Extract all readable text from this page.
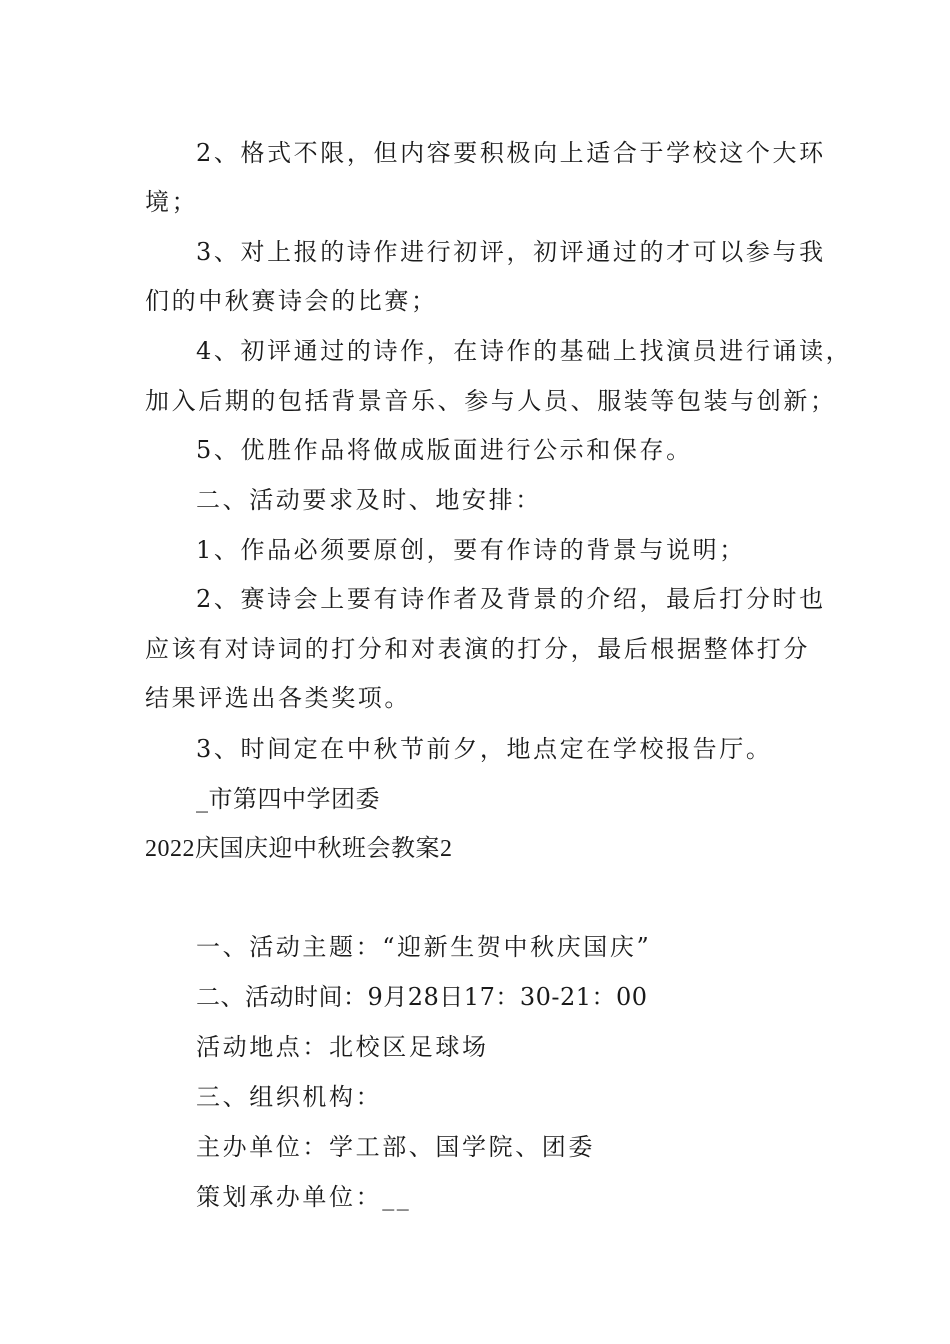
2、格式不限，但内容要积极向上适合于学校这个大环
境；
3、对上报的诗作进行初评，初评通过的才可以参与我
们的中秋赛诗会的比赛；
4、初评通过的诗作，在诗作的基础上找演员进行诵读，
加入后期的包括背景音乐、参与人员、服装等包装与创新；
5、优胜作品将做成版面进行公示和保存。
二、活动要求及时、地安排：
1、作品必须要原创，要有作诗的背景与说明；
2、赛诗会上要有诗作者及背景的介绍，最后打分时也
应该有对诗词的打分和对表演的打分，最后根据整体打分
结果评选出各类奖项。
3、时间定在中秋节前夕，地点定在学校报告厅。
_市第四中学团委
2022庆国庆迎中秋班会教案2
一、活动主题：“迎新生贺中秋庆国庆”
二、活动时间：9月28日17：30-21：00
活动地点：北校区足球场
三、组织机构：
主办单位：学工部、国学院、团委
策划承办单位：__
